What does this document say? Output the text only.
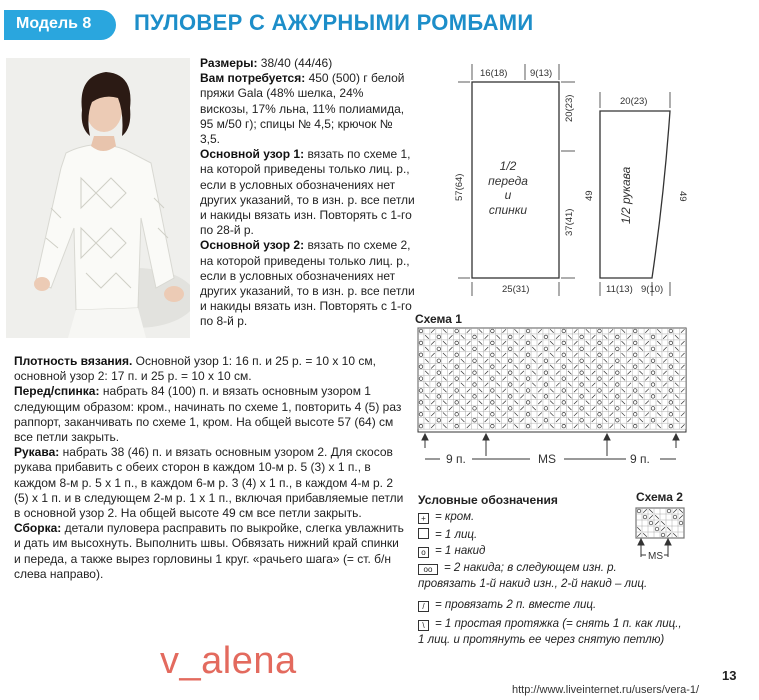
Модель 8 ПУЛОВЕР С АЖУРНЫМИ РОМБАМИ

Размеры: 38/40 (44/46)

Вам потребуется: 450 (500) г белой пряжи Gala (48% шелка, 24% вискозы, 17% льна, 11% полиамида, 95 м/50 г); спицы № 4,5; крючок № 3,5.

Основной узор 1: вязать по схеме 1, на которой приведены только лиц. р., если в условных обозначениях нет других указаний, то в изн. р. все петли и накиды вязать изн. Повторять с 1-го по 28-й р.

Основной узор 2: вязать по схеме 2, на которой приведены только лиц. р., если в условных обозначениях нет других указаний, то в изн. р. все петли и накиды вязать изн. Повторять с 1-го по 8-й р.

Плотность вязания. Основной узор 1: 16 п. и 25 р. = 10 х 10 см, основной узор 2: 17 п. и 25 р. = 10 х 10 см.

Перед/спинка: набрать 84 (100) п. и вязать основным узором 1 следующим образом: кром., начинать по схеме 1, повторить 4 (5) раз раппорт, заканчивать по схеме 1, кром. На общей высоте 57 (64) см все петли закрыть.

Рукава: набрать 38 (46) п. и вязать основным узором 2. Для скосов рукава прибавить с обеих сторон в каждом 10-м р. 5 (3) х 1 п., в каждом 8-м р. 5 х 1 п., в каждом 6-м р. 3 (4) х 1 п., в каждом 4-м р. 2 (5) х 1 п. и в следующем 2-м р. 1 х 1 п., включая прибавляемые петли в основной узор 2. На общей высоте 49 см все петли закрыть.

Сборка: детали пуловера расправить по выкройке, слегка увлажнить и дать им высохнуть. Выполнить швы. Обвязать нижний край спинки и переда, а также вырез горловины 1 круг. «рачьего шага» (= ст. б/н слева направо).

16(18) 9(13)
20(23)
37(41)
57(64)
25(31)
1/2
переда
и
спинки
20(23)
49	49
11(13) 9(10)
1/2 рукава
Схема 1
9 п.	MS	9 п.
Условные обозначения
+ = кром.
= 1 лиц.
o = 1 накид
oo = 2 накида; в следующем изн. р.
провязать 1-й накид изн., 2-й накид – лиц.
/ = провязать 2 п. вместе лиц.
\ = 1 простая протяжка (= снять 1 п. как лиц.,
1 лиц. и протянуть ее через снятую петлю)
Схема 2
MS
v_alena	13
http://www.liveinternet.ru/users/vera-1/
